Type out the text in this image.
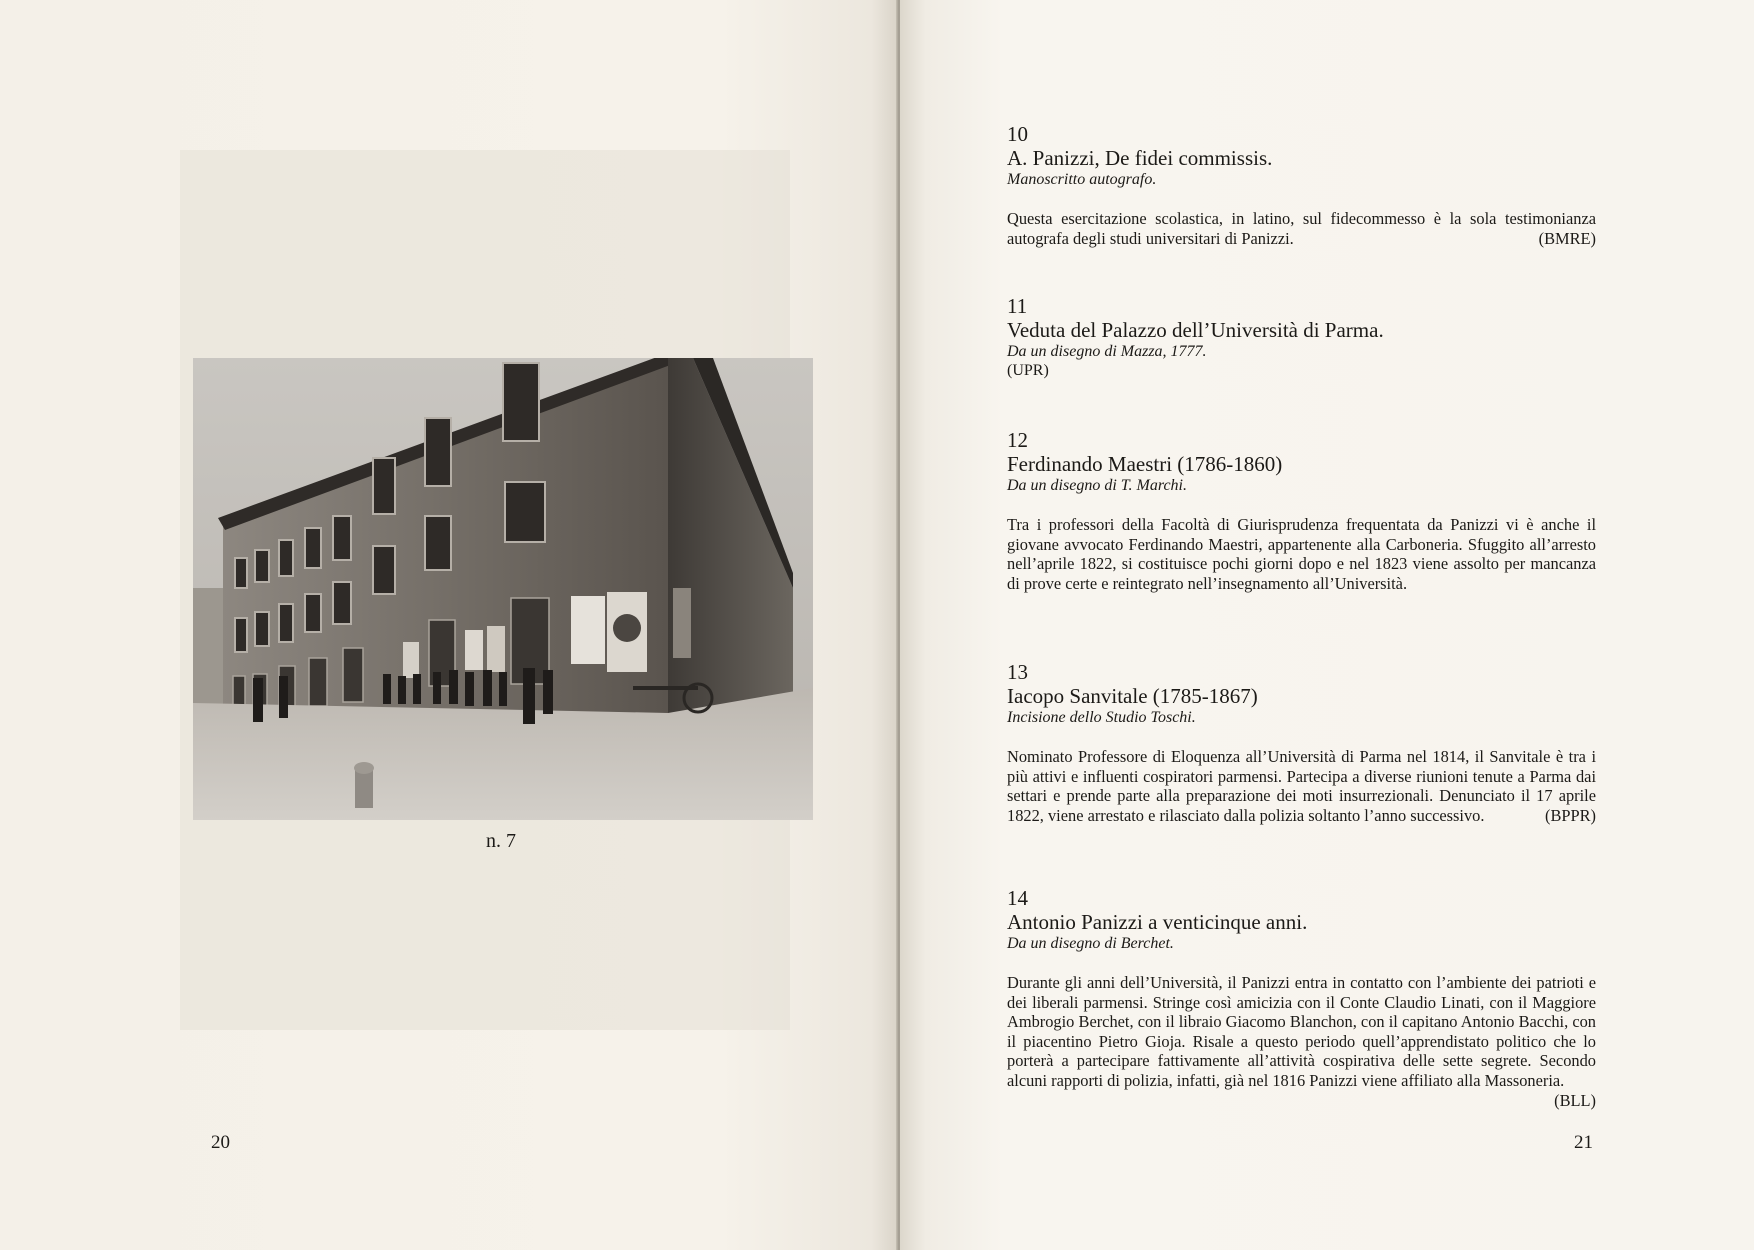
n. 7
20	21
10
A. Panizzi, De fidei commissis.
Manoscritto autografo.
Questa esercitazione scolastica, in latino, sul fidecommesso è la sola testimonianza autografa degli studi universitari di Panizzi.	(BMRE)
11
Veduta del Palazzo dell’Università di Parma.
Da un disegno di Mazza, 1777.
(UPR)
12
Ferdinando Maestri (1786-1860)
Da un disegno di T. Marchi.
Tra i professori della Facoltà di Giurisprudenza frequentata da Panizzi vi è anche il giovane avvocato Ferdinando Maestri, appartenente alla Carboneria. Sfuggito all’arresto nell’aprile 1822, si costituisce pochi giorni dopo e nel 1823 viene assolto per mancanza di prove certe e reintegrato nell’insegnamento all’Università.
13
Iacopo Sanvitale (1785-1867)
Incisione dello Studio Toschi.
Nominato Professore di Eloquenza all’Università di Parma nel 1814, il Sanvitale è tra i più attivi e influenti cospiratori parmensi. Partecipa a diverse riunioni tenute a Parma dai settari e prende parte alla preparazione dei moti insurrezionali. Denunciato il 17 aprile 1822, viene arrestato e rilasciato dalla polizia soltanto l’anno successivo.	(BPPR)
14
Antonio Panizzi a venticinque anni.
Da un disegno di Berchet.
Durante gli anni dell’Università, il Panizzi entra in contatto con l’ambiente dei patrioti e dei liberali parmensi. Stringe così amicizia con il Conte Claudio Linati, con il Maggiore Ambrogio Berchet, con il libraio Giacomo Blanchon, con il capitano Antonio Bacchi, con il piacentino Pietro Gioja. Risale a questo periodo quell’apprendistato politico che lo porterà a partecipare fattivamente all’attività cospirativa delle sette segrete. Secondo alcuni rapporti di polizia, infatti, già nel 1816 Panizzi viene affiliato alla Massoneria.
(BLL)
